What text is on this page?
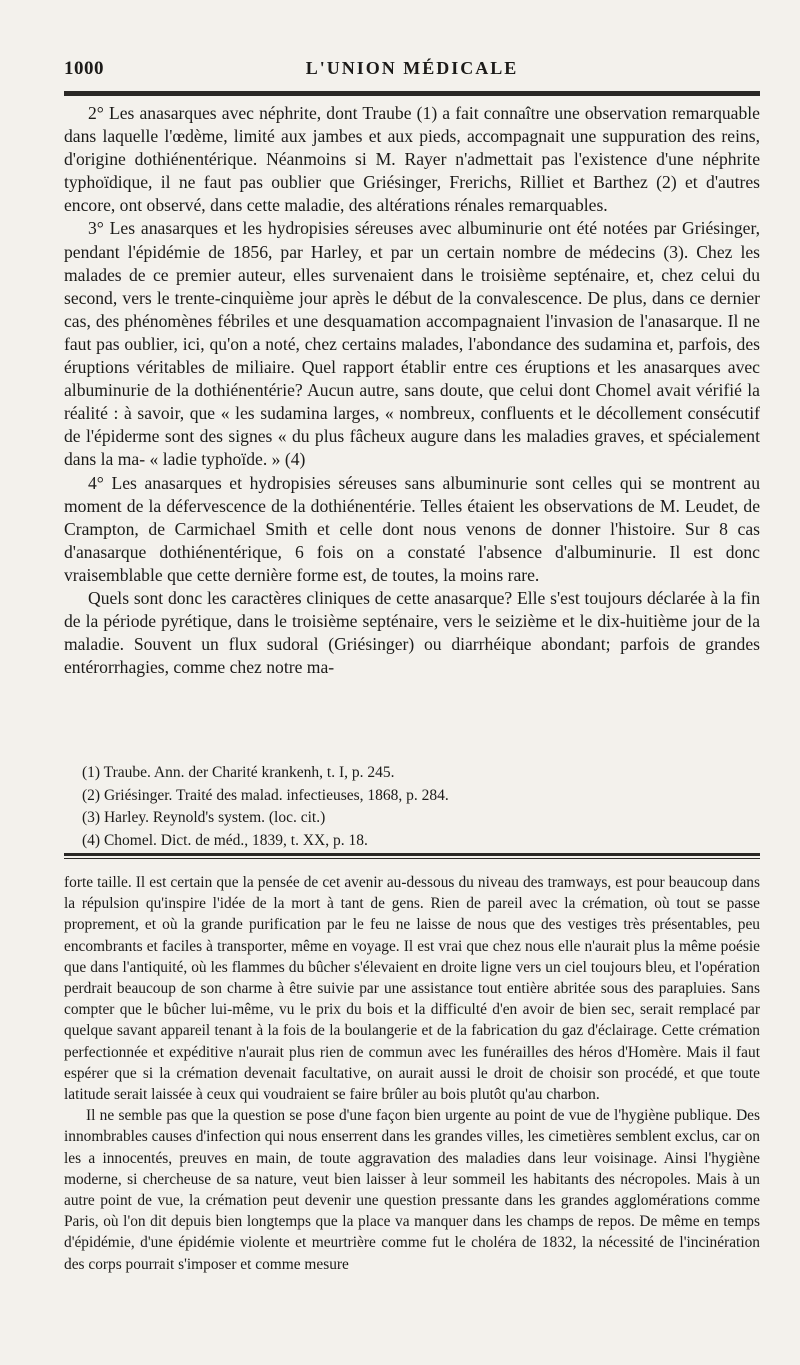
1000	L'UNION MÉDICALE

2° Les anasarques avec néphrite, dont Traube (1) a fait connaître une observation remarquable dans laquelle l'œdème, limité aux jambes et aux pieds, accompagnait une suppuration des reins, d'origine dothiénentérique. Néanmoins si M. Rayer n'admettait pas l'existence d'une néphrite typhoïdique, il ne faut pas oublier que Griésinger, Frerichs, Rilliet et Barthez (2) et d'autres encore, ont observé, dans cette maladie, des altérations rénales remarquables.

3° Les anasarques et les hydropisies séreuses avec albuminurie ont été notées par Griésinger, pendant l'épidémie de 1856, par Harley, et par un certain nombre de médecins (3). Chez les malades de ce premier auteur, elles survenaient dans le troisième septénaire, et, chez celui du second, vers le trente-cinquième jour après le début de la convalescence. De plus, dans ce dernier cas, des phénomènes fébriles et une desquamation accompagnaient l'invasion de l'anasarque. Il ne faut pas oublier, ici, qu'on a noté, chez certains malades, l'abondance des sudamina et, parfois, des éruptions véritables de miliaire. Quel rapport établir entre ces éruptions et les anasarques avec albuminurie de la dothiénentérie? Aucun autre, sans doute, que celui dont Chomel avait vérifié la réalité : à savoir, que « les sudamina larges, « nombreux, confluents et le décollement consécutif de l'épiderme sont des signes « du plus fâcheux augure dans les maladies graves, et spécialement dans la ma- « ladie typhoïde. » (4)

4° Les anasarques et hydropisies séreuses sans albuminurie sont celles qui se montrent au moment de la défervescence de la dothiénentérie. Telles étaient les observations de M. Leudet, de Crampton, de Carmichael Smith et celle dont nous venons de donner l'histoire. Sur 8 cas d'anasarque dothiénentérique, 6 fois on a constaté l'absence d'albuminurie. Il est donc vraisemblable que cette dernière forme est, de toutes, la moins rare.

Quels sont donc les caractères cliniques de cette anasarque? Elle s'est toujours déclarée à la fin de la période pyrétique, dans le troisième septénaire, vers le seizième et le dix-huitième jour de la maladie. Souvent un flux sudoral (Griésinger) ou diarrhéique abondant; parfois de grandes entérorrhagies, comme chez notre ma-

(1) Traube. Ann. der Charité krankenh, t. I, p. 245.
(2) Griésinger. Traité des malad. infectieuses, 1868, p. 284.
(3) Harley. Reynold's system. (loc. cit.)
(4) Chomel. Dict. de méd., 1839, t. XX, p. 18.

forte taille. Il est certain que la pensée de cet avenir au-dessous du niveau des tramways, est pour beaucoup dans la répulsion qu'inspire l'idée de la mort à tant de gens. Rien de pareil avec la crémation, où tout se passe proprement, et où la grande purification par le feu ne laisse de nous que des vestiges très présentables, peu encombrants et faciles à transporter, même en voyage. Il est vrai que chez nous elle n'aurait plus la même poésie que dans l'antiquité, où les flammes du bûcher s'élevaient en droite ligne vers un ciel toujours bleu, et l'opération perdrait beaucoup de son charme à être suivie par une assistance tout entière abritée sous des parapluies. Sans compter que le bûcher lui-même, vu le prix du bois et la difficulté d'en avoir de bien sec, serait remplacé par quelque savant appareil tenant à la fois de la boulangerie et de la fabrication du gaz d'éclairage. Cette crémation perfectionnée et expéditive n'aurait plus rien de commun avec les funérailles des héros d'Homère. Mais il faut espérer que si la crémation devenait facultative, on aurait aussi le droit de choisir son procédé, et que toute latitude serait laissée à ceux qui voudraient se faire brûler au bois plutôt qu'au charbon.

Il ne semble pas que la question se pose d'une façon bien urgente au point de vue de l'hygiène publique. Des innombrables causes d'infection qui nous enserrent dans les grandes villes, les cimetières semblent exclus, car on les a innocentés, preuves en main, de toute aggravation des maladies dans leur voisinage. Ainsi l'hygiène moderne, si chercheuse de sa nature, veut bien laisser à leur sommeil les habitants des nécropoles. Mais à un autre point de vue, la crémation peut devenir une question pressante dans les grandes agglomérations comme Paris, où l'on dit depuis bien longtemps que la place va manquer dans les champs de repos. De même en temps d'épidémie, d'une épidémie violente et meurtrière comme fut le choléra de 1832, la nécessité de l'incinération des corps pourrait s'imposer et comme mesure
